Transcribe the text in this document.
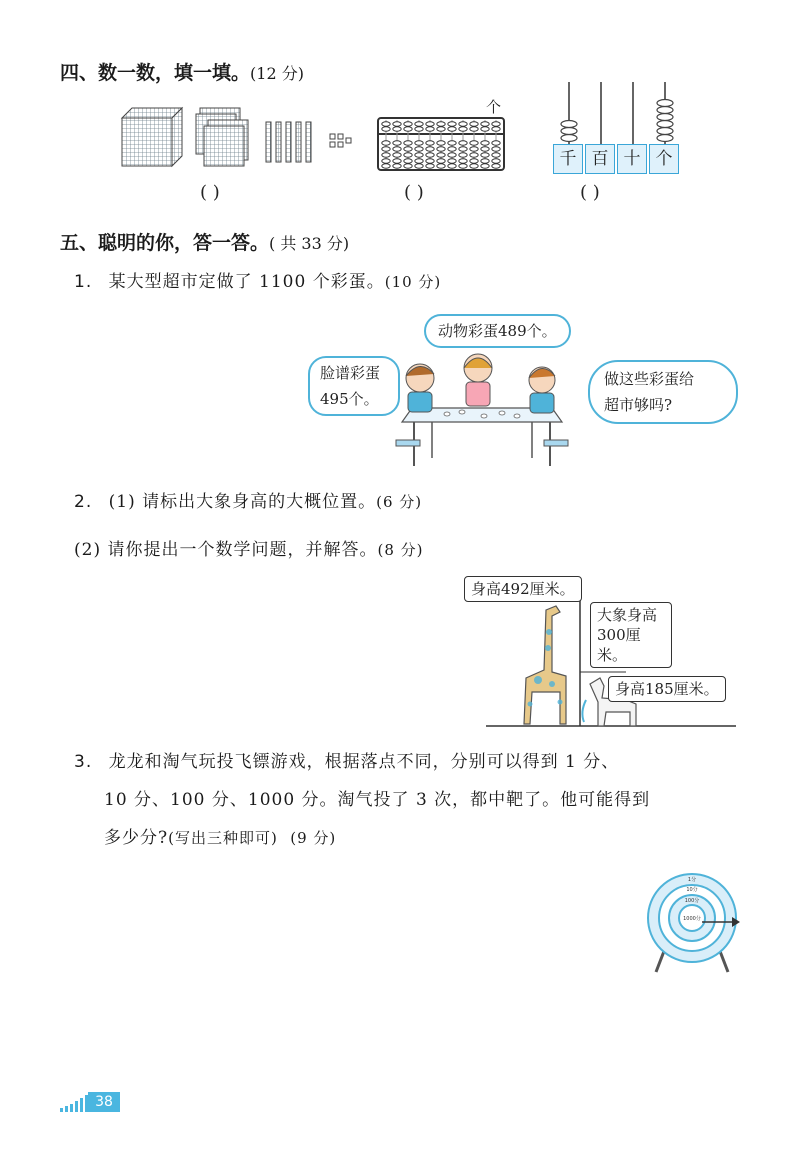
四、数一数，填一填。(12 分)
个
千 百 十 个
( )	( )	( )
五、聪明的你，答一答。( 共 33 分)
1. 某大型超市定做了 1100 个彩蛋。(10 分)
动物彩蛋489个。
脸谱彩蛋
495个。
做这些彩蛋给
超市够吗?
2. (1) 请标出大象身高的大概位置。(6 分)
(2) 请你提出一个数学问题，并解答。(8 分)
身高492厘米。
大象身高
300厘米。
身高185厘米。
3. 龙龙和淘气玩投飞镖游戏，根据落点不同，分别可以得到 1 分、
10 分、100 分、1000 分。淘气投了 3 次，都中靶了。他可能得到
多少分?(写出三种即可) (9 分)
1分
10分
100分
1000分
38
